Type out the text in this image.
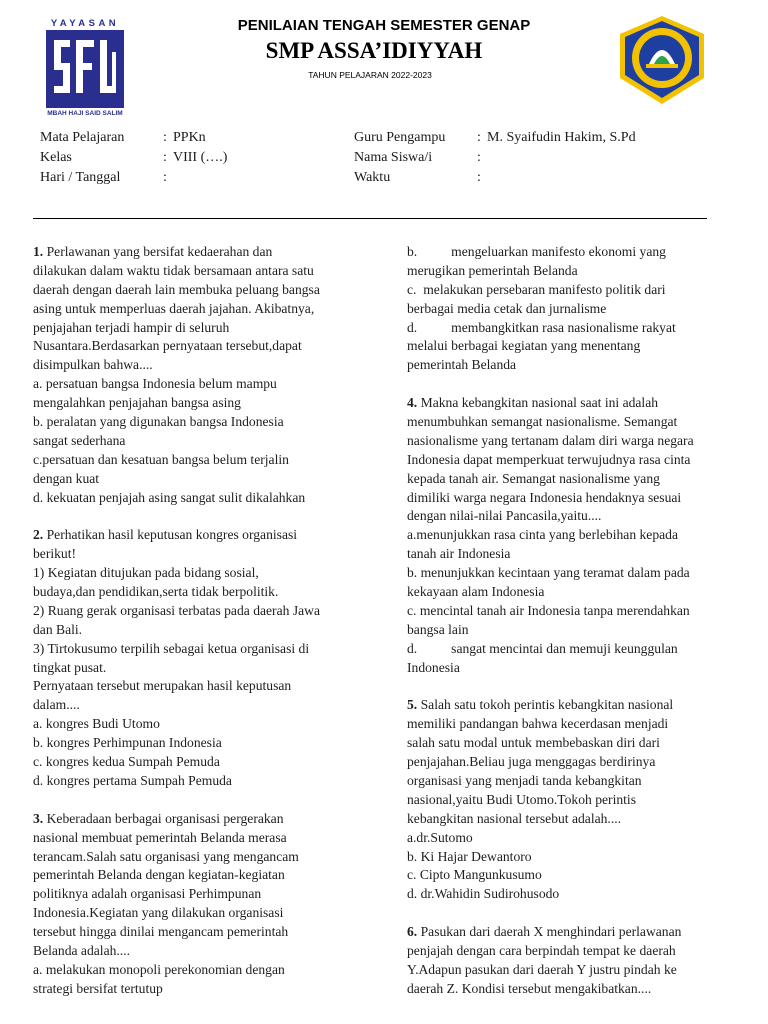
YAYASAN
MBAH HAJI SAID SALIM
PENILAIAN TENGAH SEMESTER GENAP
SMP ASSA’IDIYYAH
TAHUN PELAJARAN 2022-2023
Mata Pelajaran	: PPKn
Kelas	: VIII (….)
Hari / Tanggal	:
Guru Pengampu : M. Syaifudin Hakim, S.Pd
Nama Siswa/i	:
Waktu	:
1. Perlawanan yang bersifat kedaerahan dan
dilakukan dalam waktu tidak bersamaan antara satu
daerah dengan daerah lain membuka peluang bangsa
asing untuk memperluas daerah jajahan. Akibatnya,
penjajahan terjadi hampir di seluruh
Nusantara.Berdasarkan pernyataan tersebut,dapat
disimpulkan bahwa....
a. persatuan bangsa Indonesia belum mampu
mengalahkan penjajahan bangsa asing
b. peralatan yang digunakan bangsa Indonesia
sangat sederhana
c.persatuan dan kesatuan bangsa belum terjalin
dengan kuat
d. kekuatan penjajah asing sangat sulit dikalahkan
2. Perhatikan hasil keputusan kongres organisasi
berikut!
1) Kegiatan ditujukan pada bidang sosial,
budaya,dan pendidikan,serta tidak berpolitik.
2) Ruang gerak organisasi terbatas pada daerah Jawa
dan Bali.
3) Tirtokusumo terpilih sebagai ketua organisasi di
tingkat pusat.
Pernyataan tersebut merupakan hasil keputusan
dalam....
a. kongres Budi Utomo
b. kongres Perhimpunan Indonesia
c. kongres kedua Sumpah Pemuda
d. kongres pertama Sumpah Pemuda
3. Keberadaan berbagai organisasi pergerakan
nasional membuat pemerintah Belanda merasa
terancam.Salah satu organisasi yang mengancam
pemerintah Belanda dengan kegiatan-kegiatan
politiknya adalah organisasi Perhimpunan
Indonesia.Kegiatan yang dilakukan organisasi
tersebut hingga dinilai mengancam pemerintah
Belanda adalah....
a. melakukan monopoli perekonomian dengan
strategi bersifat tertutup
b.          mengeluarkan manifesto ekonomi yang
merugikan pemerintah Belanda
c.  melakukan persebaran manifesto politik dari
berbagai media cetak dan jurnalisme
d.          membangkitkan rasa nasionalisme rakyat
melalui berbagai kegiatan yang menentang
pemerintah Belanda
4. Makna kebangkitan nasional saat ini adalah
menumbuhkan semangat nasionalisme. Semangat
nasionalisme yang tertanam dalam diri warga negara
Indonesia dapat memperkuat terwujudnya rasa cinta
kepada tanah air. Semangat nasionalisme yang
dimiliki warga negara Indonesia hendaknya sesuai
dengan nilai-nilai Pancasila,yaitu....
a.menunjukkan rasa cinta yang berlebihan kepada
tanah air Indonesia
b. menunjukkan kecintaan yang teramat dalam pada
kekayaan alam Indonesia
c. mencintal tanah air Indonesia tanpa merendahkan
bangsa lain
d.          sangat mencintai dan memuji keunggulan
Indonesia
5. Salah satu tokoh perintis kebangkitan nasional
memiliki pandangan bahwa kecerdasan menjadi
salah satu modal untuk membebaskan diri dari
penjajahan.Beliau juga menggagas berdirinya
organisasi yang menjadi tanda kebangkitan
nasional,yaitu Budi Utomo.Tokoh perintis
kebangkitan nasional tersebut adalah....
a.dr.Sutomo
b. Ki Hajar Dewantoro
c. Cipto Mangunkusumo
d. dr.Wahidin Sudirohusodo
6. Pasukan dari daerah X menghindari perlawanan
penjajah dengan cara berpindah tempat ke daerah
Y.Adapun pasukan dari daerah Y justru pindah ke
daerah Z. Kondisi tersebut mengakibatkan....
